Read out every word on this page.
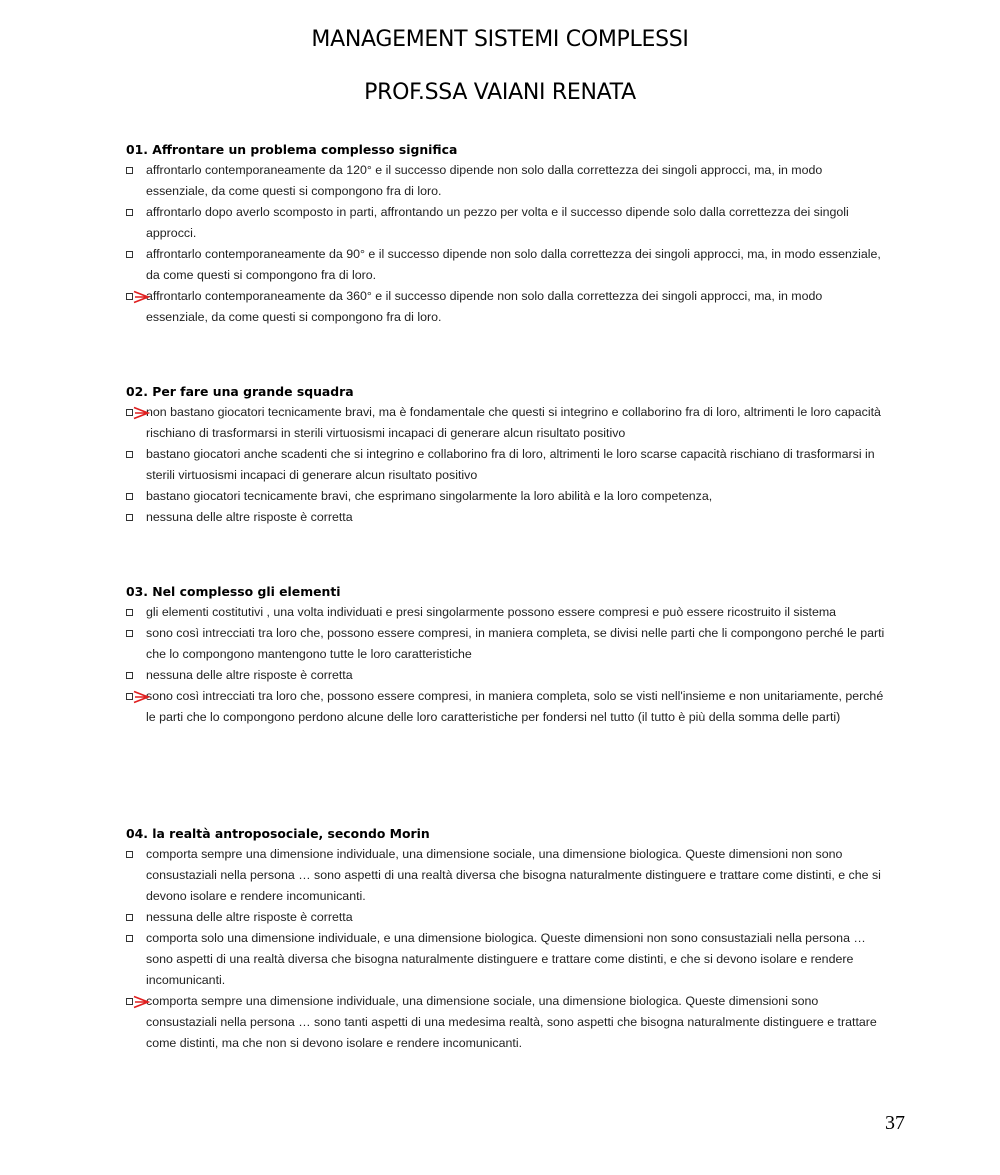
MANAGEMENT SISTEMI COMPLESSI
PROF.SSA VAIANI RENATA
01. Affrontare un problema complesso significa
affrontarlo contemporaneamente da 120° e il successo dipende non solo dalla correttezza dei singoli approcci, ma, in modo essenziale, da come questi si compongono fra di loro.
affrontarlo dopo averlo scomposto in parti, affrontando un pezzo per volta e il successo dipende solo dalla correttezza dei singoli approcci.
affrontarlo contemporaneamente da 90° e il successo dipende non solo dalla correttezza dei singoli approcci, ma, in modo essenziale, da come questi si compongono fra di loro.
affrontarlo contemporaneamente da 360° e il successo dipende non solo dalla correttezza dei singoli approcci, ma, in modo essenziale, da come questi si compongono fra di loro.
02. Per fare una grande squadra
non bastano giocatori tecnicamente bravi, ma è fondamentale che questi si integrino e collaborino fra di loro, altrimenti le loro capacità rischiano di trasformarsi in sterili virtuosismi incapaci di generare alcun risultato positivo
bastano giocatori anche scadenti che si integrino e collaborino fra di loro, altrimenti le loro scarse capacità rischiano di trasformarsi in sterili virtuosismi incapaci di generare alcun risultato positivo
bastano giocatori tecnicamente bravi, che esprimano singolarmente la loro abilità e la loro competenza,
nessuna delle altre risposte è corretta
03. Nel complesso gli elementi
gli elementi costitutivi , una volta individuati e presi singolarmente possono essere compresi e può essere ricostruito il sistema
sono così intrecciati tra loro che, possono essere compresi, in maniera completa, se divisi nelle parti che li compongono perché le parti che lo compongono mantengono tutte le loro caratteristiche
nessuna delle altre risposte è corretta
sono così intrecciati tra loro che, possono essere compresi, in maniera completa, solo se visti nell'insieme e non unitariamente, perché le parti che lo compongono perdono alcune delle loro caratteristiche per fondersi nel tutto (il tutto è più della somma delle parti)
04. la realtà antroposociale, secondo Morin
comporta sempre una dimensione individuale, una dimensione sociale, una dimensione biologica. Queste dimensioni non sono consustaziali nella persona … sono aspetti di una realtà diversa che bisogna naturalmente distinguere e trattare come distinti, e che si devono isolare e rendere incomunicanti.
nessuna delle altre risposte è corretta
comporta solo una dimensione individuale, e una dimensione biologica. Queste dimensioni non sono consustaziali nella persona … sono aspetti di una realtà diversa che bisogna naturalmente distinguere e trattare come distinti, e che si devono isolare e rendere incomunicanti.
comporta sempre una dimensione individuale, una dimensione sociale, una dimensione biologica. Queste dimensioni sono consustaziali nella persona … sono tanti aspetti di una medesima realtà, sono aspetti che bisogna naturalmente distinguere e trattare come distinti, ma che non si devono isolare e rendere incomunicanti.
37
